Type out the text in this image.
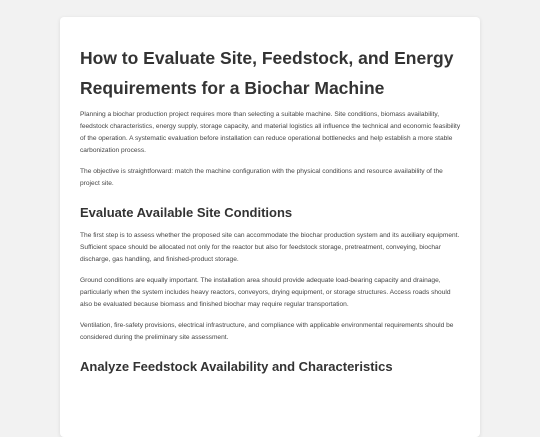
How to Evaluate Site, Feedstock, and Energy Requirements for a Biochar Machine

Planning a biochar production project requires more than selecting a suitable machine. Site conditions, biomass availability, feedstock characteristics, energy supply, storage capacity, and material logistics all influence the technical and economic feasibility of the operation. A systematic evaluation before installation can reduce operational bottlenecks and help establish a more stable carbonization process.

The objective is straightforward: match the machine configuration with the physical conditions and resource availability of the project site.

Evaluate Available Site Conditions

The first step is to assess whether the proposed site can accommodate the biochar production system and its auxiliary equipment. Sufficient space should be allocated not only for the reactor but also for feedstock storage, pretreatment, conveying, biochar discharge, gas handling, and finished-product storage.

Ground conditions are equally important. The installation area should provide adequate load-bearing capacity and drainage, particularly when the system includes heavy reactors, conveyors, drying equipment, or storage structures. Access roads should also be evaluated because biomass and finished biochar may require regular transportation.

Ventilation, fire-safety provisions, electrical infrastructure, and compliance with applicable environmental requirements should be considered during the preliminary site assessment.

Analyze Feedstock Availability and Characteristics
